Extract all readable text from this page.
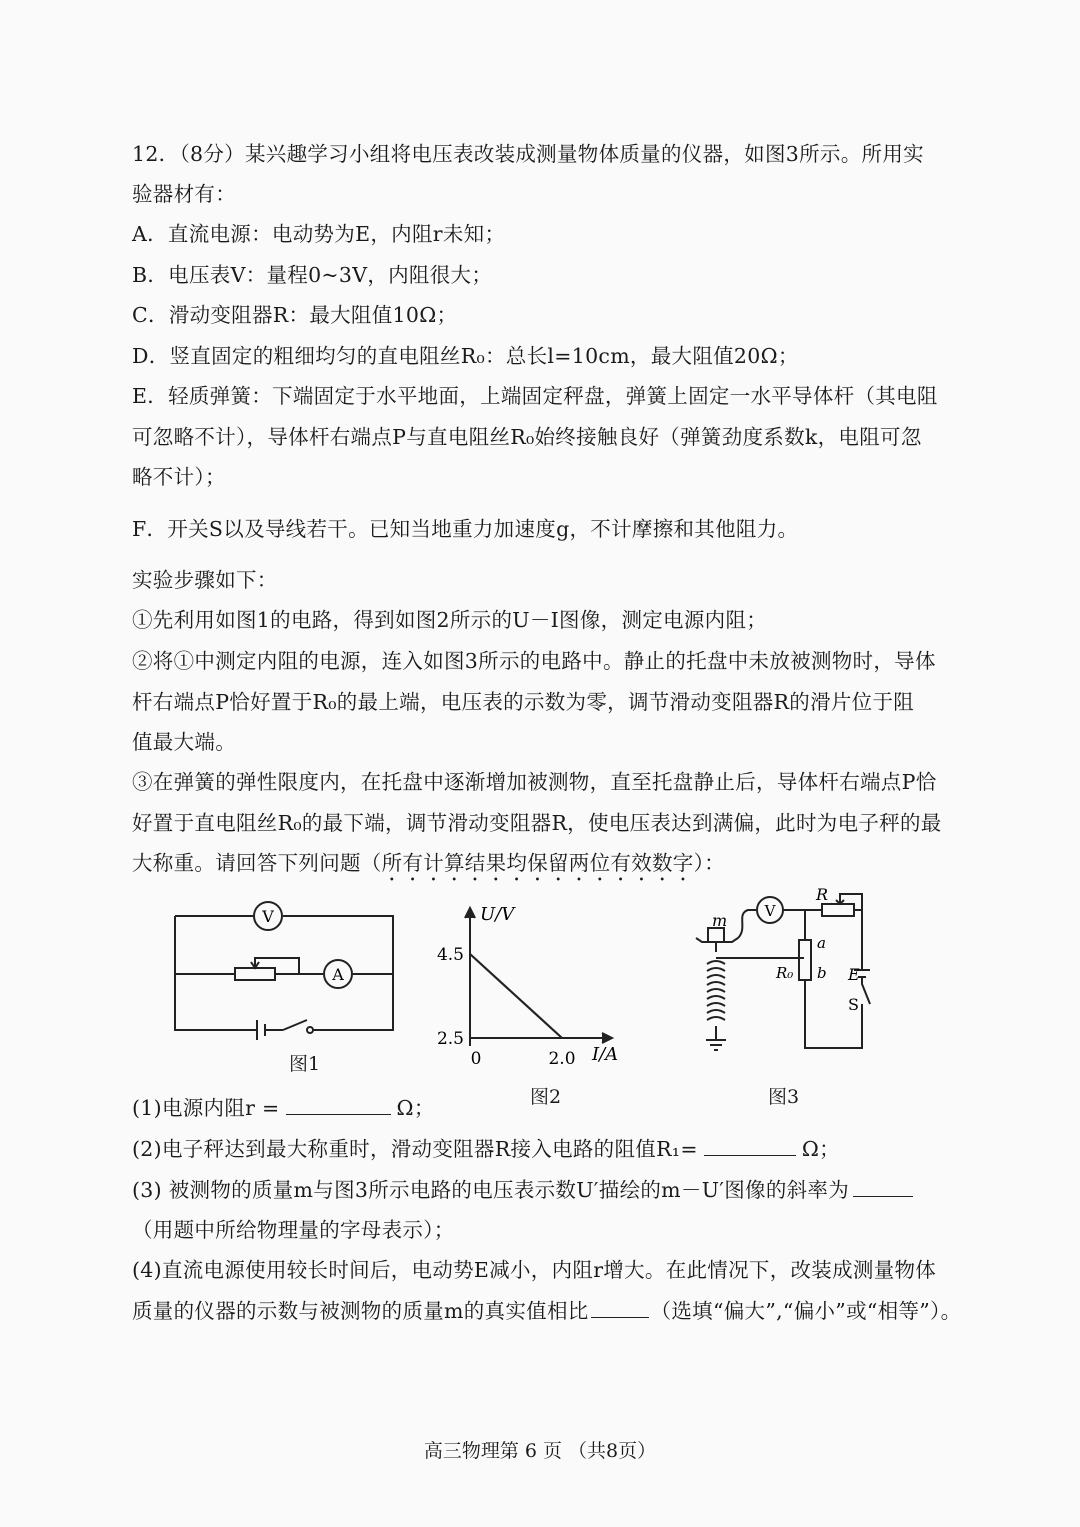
12．（8分）某兴趣学习小组将电压表改装成测量物体质量的仪器，如图3所示。所用实
验器材有：
A．直流电源：电动势为E，内阻r未知；
B．电压表V：量程0~3V，内阻很大；
C．滑动变阻器R：最大阻值10Ω；
D．竖直固定的粗细均匀的直电阻丝R₀：总长l=10cm，最大阻值20Ω；
E．轻质弹簧：下端固定于水平地面，上端固定秤盘，弹簧上固定一水平导体杆（其电阻
可忽略不计），导体杆右端点P与直电阻丝R₀始终接触良好（弹簧劲度系数k，电阻可忽
略不计）；
F．开关S以及导线若干。已知当地重力加速度g，不计摩擦和其他阻力。
实验步骤如下：
①先利用如图1的电路，得到如图2所示的U－I图像，测定电源内阻；
②将①中测定内阻的电源，连入如图3所示的电路中。静止的托盘中未放被测物时，导体
杆右端点P恰好置于R₀的最上端，电压表的示数为零，调节滑动变阻器R的滑片位于阻
值最大端。
③在弹簧的弹性限度内，在托盘中逐渐增加被测物，直至托盘静止后，导体杆右端点P恰
好置于直电阻丝R₀的最下端，调节滑动变阻器R，使电压表达到满偏，此时为电子秤的最
大称重。请回答下列问题（所有计算结果均保留两位有效数字）：
V
A
图1
U/V
I/A
4.5
2.5
0	2.0
图2
m V
R
a
b
R₀	E
S
图3
(1)电源内阻r =	Ω；
(2)电子秤达到最大称重时，滑动变阻器R接入电路的阻值R₁=	Ω；
(3) 被测物的质量m与图3所示电路的电压表示数U′描绘的m－U′图像的斜率为
（用题中所给物理量的字母表示）；
(4)直流电源使用较长时间后，电动势E减小，内阻r增大。在此情况下，改装成测量物体
质量的仪器的示数与被测物的质量m的真实值相比	（选填“偏大”,“偏小”或“相等”）。
高三物理第 6 页 （共8页）
